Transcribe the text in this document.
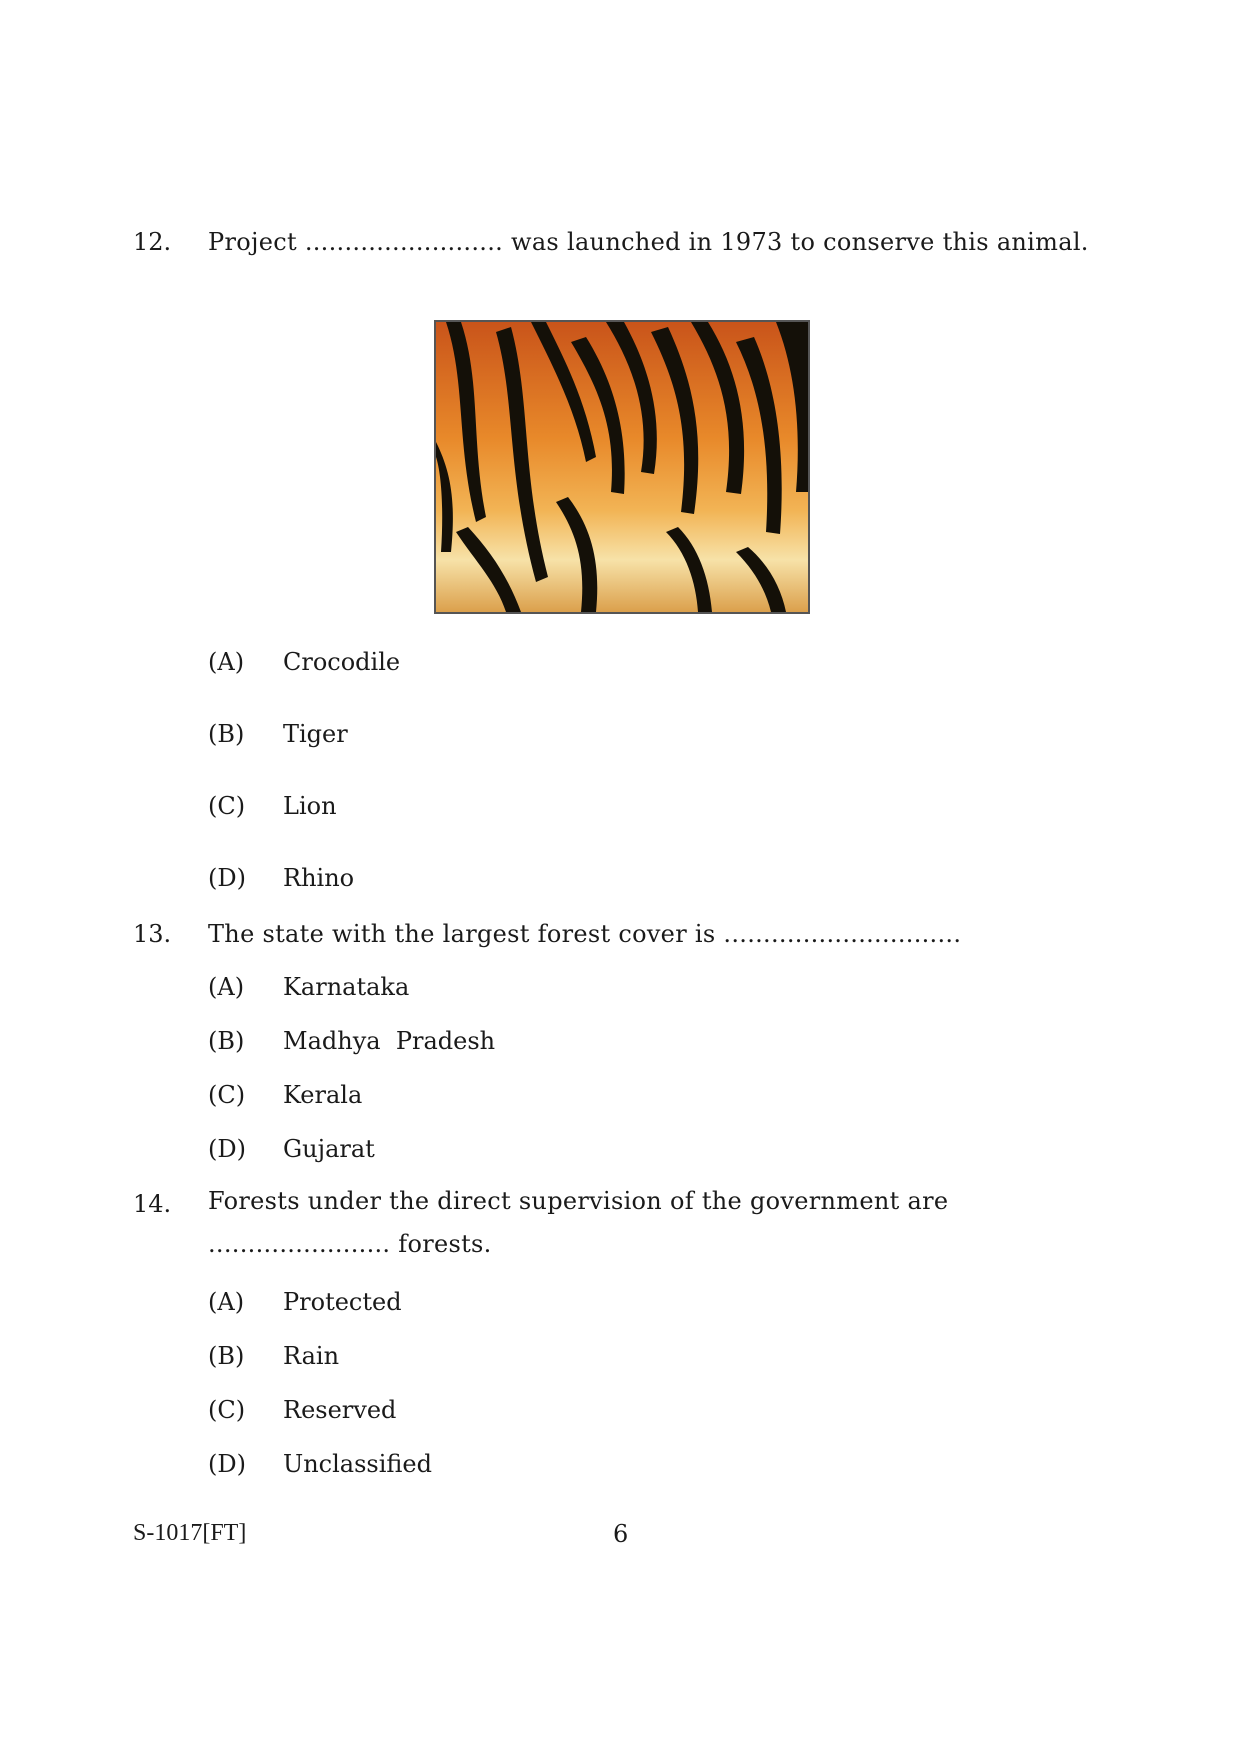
12. Project ......................... was launched in 1973 to conserve this animal.
(A)	Crocodile
(B)	Tiger
(C)	Lion
(D)	Rhino
13. The state with the largest forest cover is ..............................
(A)	Karnataka
(B)	Madhya  Pradesh
(C)	Kerala
(D)	Gujarat
14. Forests under the direct supervision of the government are ....................... forests.
(A)	Protected
(B)	Rain
(C)	Reserved
(D)	Unclassified
S-1017[FT]	6
